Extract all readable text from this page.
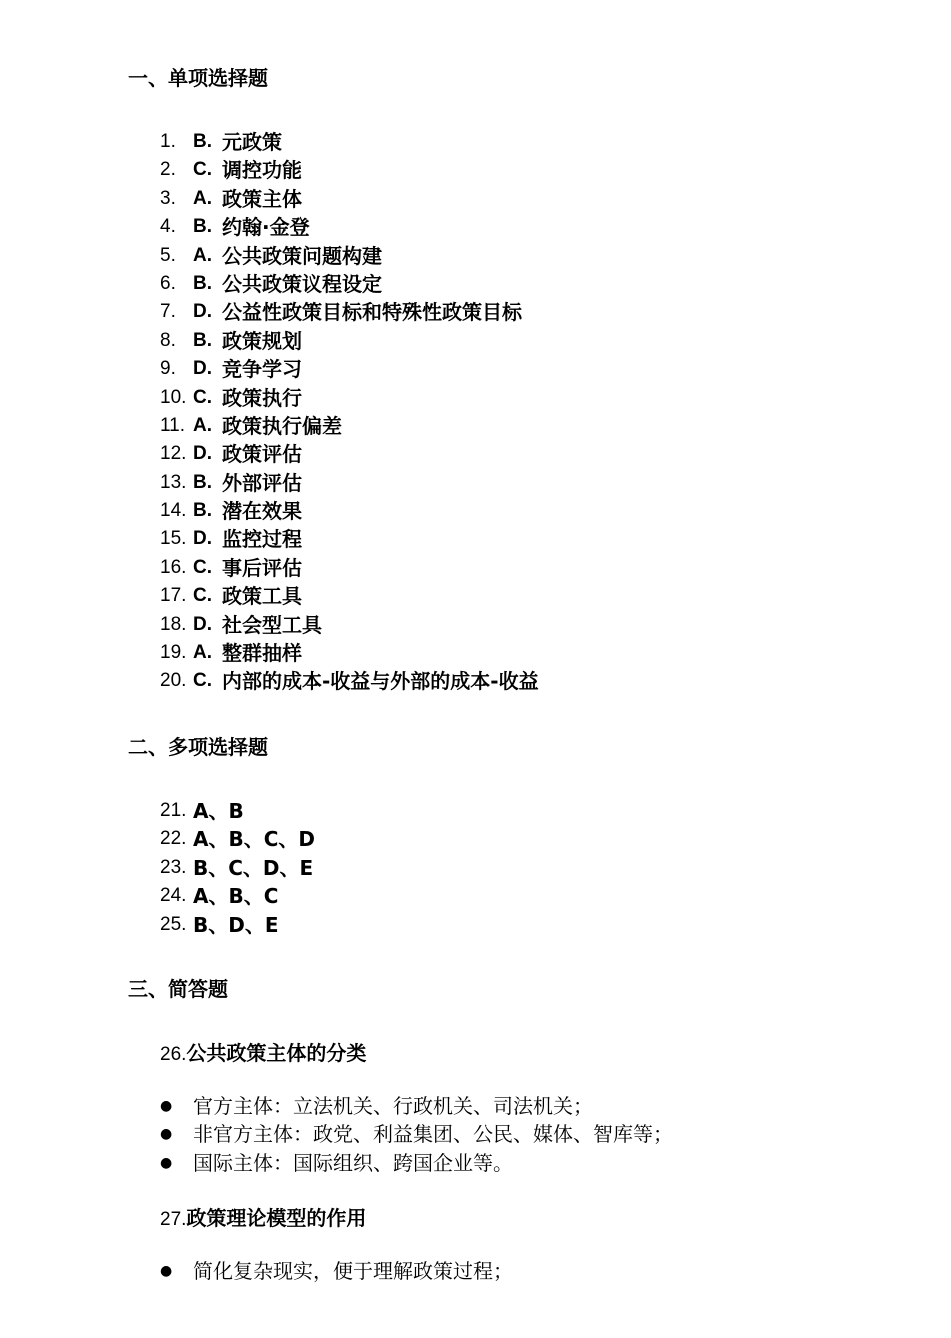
一、单项选择题
1. B. 元政策
2. C. 调控功能
3. A. 政策主体
4. B. 约翰·金登
5. A. 公共政策问题构建
6. B. 公共政策议程设定
7. D. 公益性政策目标和特殊性政策目标
8. B. 政策规划
9. D. 竞争学习
10. C. 政策执行
11. A. 政策执行偏差
12. D. 政策评估
13. B. 外部评估
14. B. 潜在效果
15. D. 监控过程
16. C. 事后评估
17. C. 政策工具
18. D. 社会型工具
19. A. 整群抽样
20. C. 内部的成本-收益与外部的成本-收益
二、多项选择题
21. A、B
22. A、B、C、D
23. B、C、D、E
24. A、B、C
25. B、D、E
三、简答题
26.公共政策主体的分类
●	官方主体：立法机关、行政机关、司法机关；
●	非官方主体：政党、利益集团、公民、媒体、智库等；
●	国际主体：国际组织、跨国企业等。
27.政策理论模型的作用
●	简化复杂现实，便于理解政策过程；
